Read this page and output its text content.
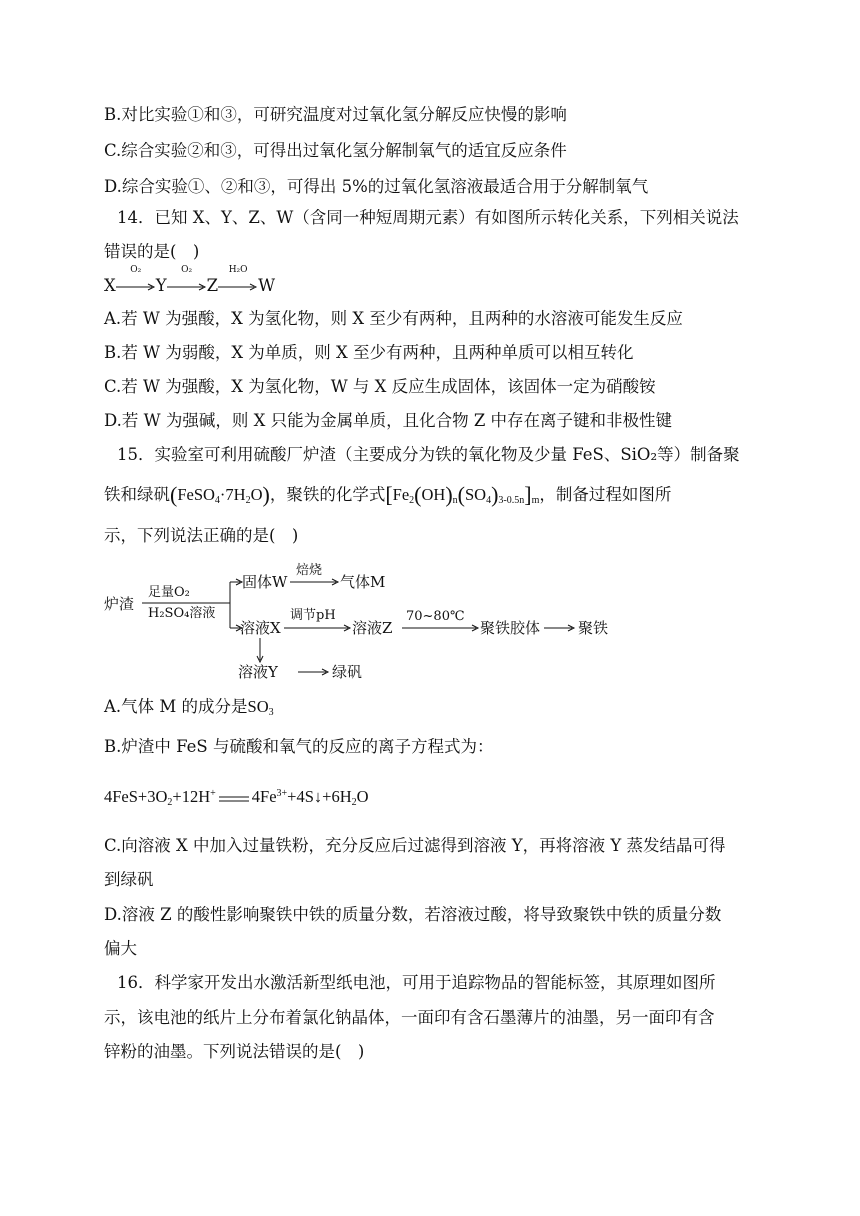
B.对比实验①和③，可研究温度对过氧化氢分解反应快慢的影响
C.综合实验②和③，可得出过氧化氢分解制氧气的适宜反应条件
D.综合实验①、②和③，可得出 5%的过氧化氢溶液最适合用于分解制氧气
14．已知 X、Y、Z、W（含同一种短周期元素）有如图所示转化关系，下列相关说法
错误的是(　)
X
O₂
Y
O₂
Z
H₂O
W
A.若 W 为强酸，X 为氢化物，则 X 至少有两种，且两种的水溶液可能发生反应
B.若 W 为弱酸，X 为单质，则 X 至少有两种，且两种单质可以相互转化
C.若 W 为强酸，X 为氢化物，W 与 X 反应生成固体，该固体一定为硝酸铵
D.若 W 为强碱，则 X 只能为金属单质，且化合物 Z 中存在离子键和非极性键
15．实验室可利用硫酸厂炉渣（主要成分为铁的氧化物及少量 FeS、SiO₂等）制备聚
铁和绿矾$(FeSO_4\cdot 7H_2O)$，聚铁的化学式$[Fe_2(OH)_n(SO_4)_{3-0.5n}]_m$，制备过程如图所
示，下列说法正确的是(　)
炉渣
足量O₂
H₂SO₄溶液
固体W
焙烧
气体M
溶液X
调节pH
溶液Z
70~80℃
聚铁胶体	聚铁
溶液Y	绿矾
A.气体 M 的成分是$SO_3$
B.炉渣中 FeS 与硫酸和氧气的反应的离子方程式为：
$4FeS+3O_2+12H^+$ $4Fe^{3+}+4S↓+6H_2O$
C.向溶液 X 中加入过量铁粉，充分反应后过滤得到溶液 Y，再将溶液 Y 蒸发结晶可得
到绿矾
D.溶液 Z 的酸性影响聚铁中铁的质量分数，若溶液过酸，将导致聚铁中铁的质量分数
偏大
16．科学家开发出水激活新型纸电池，可用于追踪物品的智能标签，其原理如图所
示，该电池的纸片上分布着氯化钠晶体，一面印有含石墨薄片的油墨，另一面印有含
锌粉的油墨。下列说法错误的是(　)
